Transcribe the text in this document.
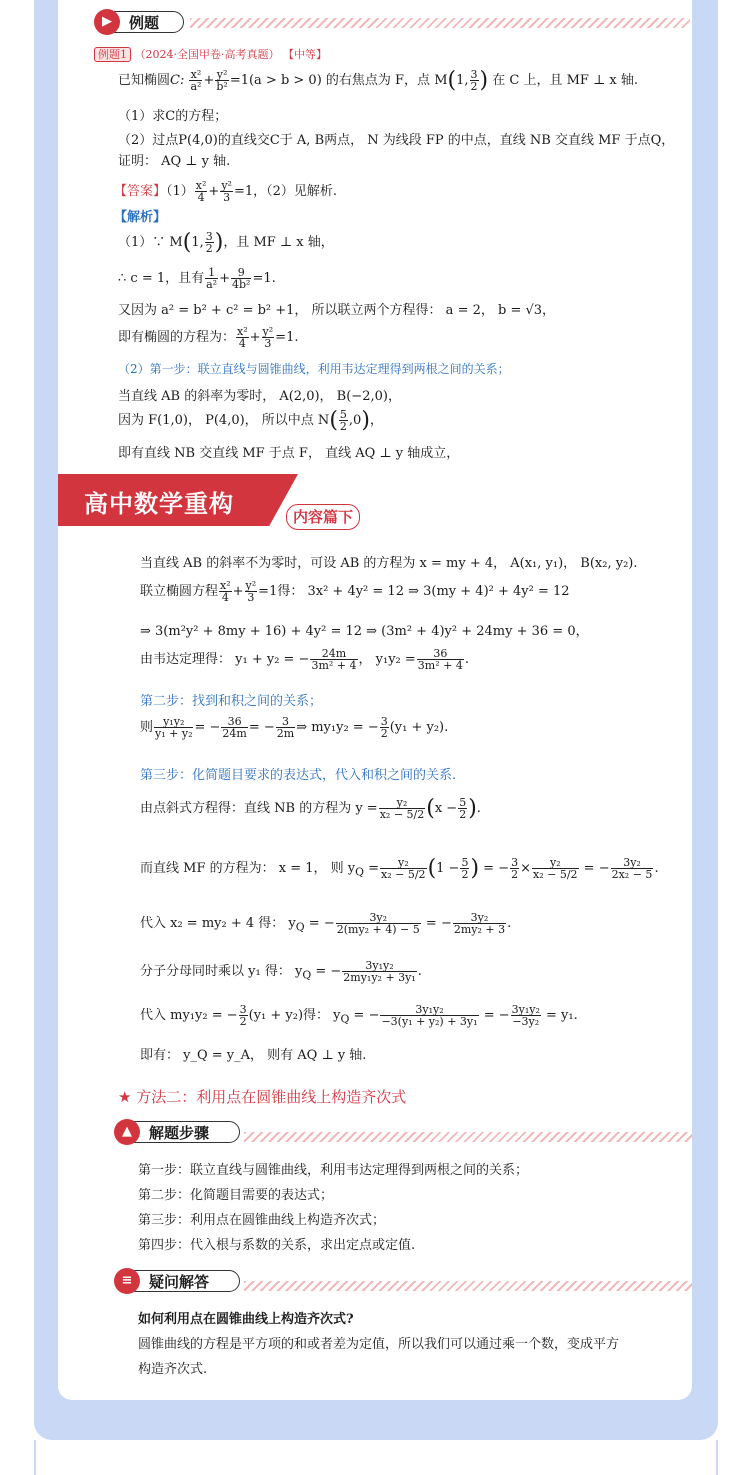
例题
▶
例题1 （2024·全国甲卷·高考真题） 【中等】
已知椭圆C: $\frac{\text{x²}}{\text{a²}} + \frac{\text{y²}}{\text{b²}} =1(a > b > 0)$ 的右焦点为 F，点 M(1, $\frac{3}{2}$ ) 在 C 上，且 MF ⊥ x 轴.
（1）求C的方程；
（2）过点P(4,0)的直线交C于 A, B两点， N 为线段 FP 的中点，直线 NB 交直线 MF 于点Q，
证明： AQ ⊥ y 轴.
【答案】$(1) \frac{\text{x²}}{4} + \frac{\text{y²}}{3} =1$，（2）见解析.
【解析】
（1）∵ M(1, $\frac{3}{2}$ )，且 MF ⊥ x 轴，
∴ c = 1，且有 $\frac{1}{\text{a²}} + \frac{9}{\text{4b²}} =1$.
又因为 a² = b² + c² = b² +1， 所以联立两个方程得： a = 2， b = √3，
即有椭圆的方程为： $\frac{\text{x²}}{4} + \frac{\text{y²}}{3} =1$.
（2）第一步：联立直线与圆锥曲线，利用韦达定理得到两根之间的关系；
当直线 AB 的斜率为零时， A(2,0)， B(−2,0)，
因为 F(1,0)， P(4,0)， 所以中点 $N( \frac{5}{2} ,0)$，
即有直线 NB 交直线 MF 于点 F， 直线 AQ ⊥ y 轴成立，
当直线 AB 的斜率不为零时，可设 AB 的方程为 x = my + 4， A(x₁, y₁)， B(x₂, y₂).
联立椭圆方程 $\frac{\text{x²}}{4} + \frac{\text{y²}}{3} =1$得： 3x² + 4y² = 12 ⇒ 3(my + 4)² + 4y² = 12
⇒ 3(m²y² + 8my + 16) + 4y² = 12 ⇒ (3m² + 4)y² + 24my + 36 = 0，
由韦达定理得： y₁ + y₂ = − $\frac{24m}{\text{3m² + 4}}$ ， $y_1y_2 = \frac{36}{\text{3m² + 4}}$ .
第二步：找到和积之间的关系；
则 $\frac{\text{y₁y₂}}{\text{y₁ + y₂}}$ = − $\frac{36}{24m}$ = − $\frac{3}{2m}$ ⇒ my₁y₂ = − $\frac{3}{2} (y_1 + y_2)$.
第三步：化简题目要求的表达式，代入和积之间的关系.
由点斜式方程得：直线 NB 的方程为 $y = \frac{\text{y₂}}{\text{x₂ − 5/2}} (x - \frac{5}{2}$ ).
而直线 MF 的方程为： x = 1， 则 $y_Q = \frac{\text{y₂}}{\text{x₂ − 5/2}} (1 - \frac{5}{2}$ ) = − $\frac{3}{2} \times \frac{\text{y₂}}{\text{x₂ − 5/2}}$ = − $\frac{\text{3y₂}}{\text{2x₂ − 5}}$ .
代入 x₂ = my₂ + 4 得： $y_Q$ = − $\frac{\text{3y₂}}{\text{2(my₂ + 4) − 5}}$ = − $\frac{\text{3y₂}}{\text{2my₂ + 3}}$ .
分子分母同时乘以 y₁ 得： $y_Q$ = − $\frac{\text{3y₁y₂}}{\text{2my₁y₂ + 3y₁}}$ .
代入 my₁y₂ = − $\frac{3}{2} (y_1 + y_2)$得： $y_Q$ = − $\frac{\text{3y₁y₂}}{\text{−3(y₁ + y₂) + 3y₁}}$ = − $\frac{\text{3y₁y₂}}{\text{−3y₂}} = y_1$.
即有： y_Q = y_A， 则有 AQ ⊥ y 轴.
★ 方法二：利用点在圆锥曲线上构造齐次式
解题步骤
▲
第一步：联立直线与圆锥曲线，利用韦达定理得到两根之间的关系；
第二步：化简题目需要的表达式；
第三步：利用点在圆锥曲线上构造齐次式；
第四步：代入根与系数的关系，求出定点或定值.
疑问解答
≡
如何利用点在圆锥曲线上构造齐次式?
圆锥曲线的方程是平方项的和或者差为定值，所以我们可以通过乘一个数，变成平方
构造齐次式.
高中数学重构	内容篇下
